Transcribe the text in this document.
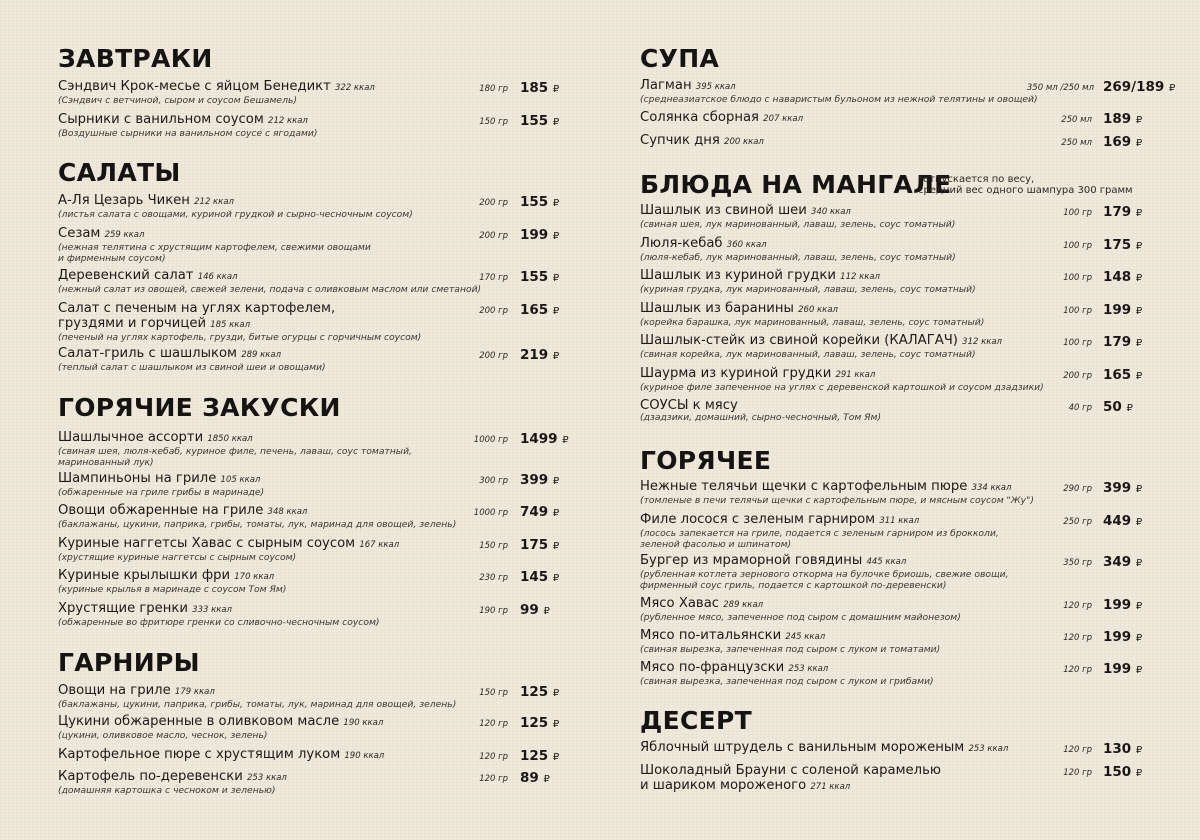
ЗАВТРАКИ
Сэндвич Крок-месье с яйцом Бенедикт 322 ккал
(Сэндвич с ветчиной, сыром и соусом Бешамель)
180 гр 185 ₽
Сырники с ванильном соусом 212 ккал
(Воздушные сырники на ванильном соусе с ягодами)
150 гр 155 ₽
САЛАТЫ
А-Ля Цезарь Чикен 212 ккал
(листья салата с овощами, куриной грудкой и сырно-чесночным соусом)
200 гр 155 ₽
Сезам 259 ккал
(нежная телятина с хрустящим картофелем, свежими овощами
и фирменным соусом)
200 гр 199 ₽
Деревенский салат 146 ккал
(нежный салат из овощей, свежей зелени, подача с оливковым маслом или сметаной)
170 гр 155 ₽
Салат с печеным на углях картофелем,
груздями и горчицей 185 ккал
(печеный на углях картофель, грузди, битые огурцы с горчичным соусом)
200 гр 165 ₽
Салат-гриль с шашлыком 289 ккал
(теплый салат с шашлыком из свиной шеи и овощами)
200 гр 219 ₽
ГОРЯЧИЕ ЗАКУСКИ
Шашлычное ассорти 1850 ккал
(свиная шея, люля-кебаб, куриное филе, печень, лаваш, соус томатный,
маринованный лук)
1000 гр 1499 ₽
Шампиньоны на гриле 105 ккал
(обжаренные на гриле грибы в маринаде)
300 гр 399 ₽
Овощи обжаренные на гриле 348 ккал
(баклажаны, цукини, паприка, грибы, томаты, лук, маринад для овощей, зелень)
1000 гр 749 ₽
Куриные наггетсы Хавас с сырным соусом 167 ккал
(хрустящие куриные наггетсы с сырным соусом)
150 гр 175 ₽
Куриные крылышки фри 170 ккал
(куриные крылья в маринаде с соусом Том Ям)
230 гр 145 ₽
Хрустящие гренки 333 ккал
(обжаренные во фритюре гренки со сливочно-чесночным соусом)
190 гр 99 ₽
ГАРНИРЫ
Овощи на гриле 179 ккал
(баклажаны, цукини, паприка, грибы, томаты, лук, маринад для овощей, зелень)
150 гр 125 ₽
Цукини обжаренные в оливковом масле 190 ккал
(цукини, оливковое масло, чеснок, зелень)
120 гр 125 ₽
Картофельное пюре с хрустящим луком 190 ккал	120 гр 125 ₽
Картофель по-деревенски 253 ккал
(домашняя картошка с чесноком и зеленью)
120 гр 89 ₽
СУПА
Лагман 395 ккал
(среднеазиатское блюдо с наваристым бульоном из нежной телятины и овощей)
350 мл /250 мл 269/189 ₽
Солянка сборная 207 ккал	250 мл 189 ₽
Супчик дня 200 ккал	250 мл 169 ₽
БЛЮДА НА МАНГАЛЕ
*отпускается по весу,
средний вес одного шампура 300 грамм
Шашлык из свиной шеи 340 ккал
(свиная шея, лук маринованный, лаваш, зелень, соус томатный)
100 гр 179 ₽
Люля-кебаб 360 ккал
(люля-кебаб, лук маринованный, лаваш, зелень, соус томатный)
100 гр 175 ₽
Шашлык из куриной грудки 112 ккал
(куриная грудка, лук маринованный, лаваш, зелень, соус томатный)
100 гр 148 ₽
Шашлык из баранины 260 ккал
(корейка барашка, лук маринованный, лаваш, зелень, соус томатный)
100 гр 199 ₽
Шашлык-стейк из свиной корейки (КАЛАГАЧ) 312 ккал
(свиная корейка, лук маринованный, лаваш, зелень, соус томатный)
100 гр 179 ₽
Шаурма из куриной грудки 291 ккал
(куриное филе запеченное на углях с деревенской картошкой и соусом дзадзики)
200 гр 165 ₽
СОУСЫ к мясу
(дзадзики, домашний, сырно-чесночный, Том Ям)
40 гр 50 ₽
ГОРЯЧЕЕ
Нежные телячьи щечки с картофельным пюре 334 ккал
(томленые в печи телячьи щечки с картофельным пюре, и мясным соусом "Жу")
290 гр 399 ₽
Филе лосося с зеленым гарниром 311 ккал
(лосось запекается на гриле, подается с зеленым гарниром из брокколи,
зеленой фасолью и шпинатом)
250 гр 449 ₽
Бургер из мраморной говядины 445 ккал
(рубленная котлета зернового откорма на булочке бриошь, свежие овощи,
фирменный соус гриль, подается с картошкой по-деревенски)
350 гр 349 ₽
Мясо Хавас 289 ккал
(рубленное мясо, запеченное под сыром с домашним майонезом)
120 гр 199 ₽
Мясо по-итальянски 245 ккал
(свиная вырезка, запеченная под сыром с луком и томатами)
120 гр 199 ₽
Мясо по-французски 253 ккал
(свиная вырезка, запеченная под сыром с луком и грибами)
120 гр 199 ₽
ДЕСЕРТ
Яблочный штрудель с ванильным мороженым 253 ккал	120 гр 130 ₽
Шоколадный Брауни с соленой карамелью
и шариком мороженого 271 ккал
120 гр 150 ₽
